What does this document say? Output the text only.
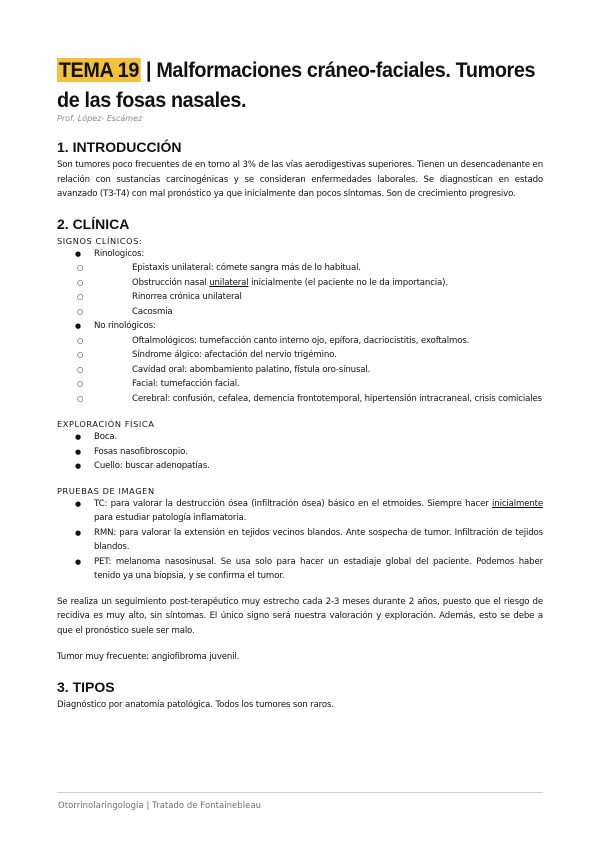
TEMA 19 | Malformaciones cráneo-faciales. Tumores
de las fosas nasales.
Prof. López- Escámez
1. INTRODUCCIÓN

Son tumores poco frecuentes de en torno al 3% de las vías aerodigestivas superiores. Tienen un desencadenante en relación con sustancias carcinogénicas y se consideran enfermedades laborales. Se diagnostican en estado avanzado (T3-T4) con mal pronóstico ya que inicialmente dan pocos síntomas. Son de crecimiento progresivo.

2. CLÍNICA

SIGNOS CLÍNICOS:

● Rinologicos:
○ Epistaxis unilateral: cómete sangra más de lo habitual.
○ Obstrucción nasal unilateral inicialmente (el paciente no le da importancia).
○ Rinorrea crónica unilateral
○ Cacosmia
● No rinológicos:
○ Oftalmológicos: tumefacción canto interno ojo, epífora, dacriocistitis, exoftalmos.
○ Síndrome álgico: afectación del nervio trigémino.
○ Cavidad oral: abombamiento palatino, fístula oro-sinusal.
○ Facial: tumefacción facial.
○ Cerebral: confusión, cefalea, demencia frontotemporal, hipertensión intracraneal, crisis comiciales

EXPLORACIÓN FÍSICA

● Boca.
● Fosas nasofibroscopio.
● Cuello: buscar adenopatías.

PRUEBAS DE IMAGEN

● TC: para valorar la destrucción ósea (infiltración ósea) básico en el etmoides. Siempre hacer inicialmente para estudiar patología inflamatoria.
● RMN: para valorar la extensión en tejidos vecinos blandos. Ante sospecha de tumor. Infiltración de tejidos blandos.
● PET: melanoma nasosinusal. Se usa solo para hacer un estadiaje global del paciente. Podemos haber tenido ya una biopsia, y se confirma el tumor.

Se realiza un seguimiento post-terapéutico muy estrecho cada 2-3 meses durante 2 años, puesto que el riesgo de recidiva es muy alto, sin síntomas. El único signo será nuestra valoración y exploración. Además, esto se debe a que el pronóstico suele ser malo.

Tumor muy frecuente: angiofibroma juvenil.

3. TIPOS

Diagnóstico por anatomía patológica. Todos los tumores son raros.

Otorrinolaringología | Tratado de Fontainebleau
